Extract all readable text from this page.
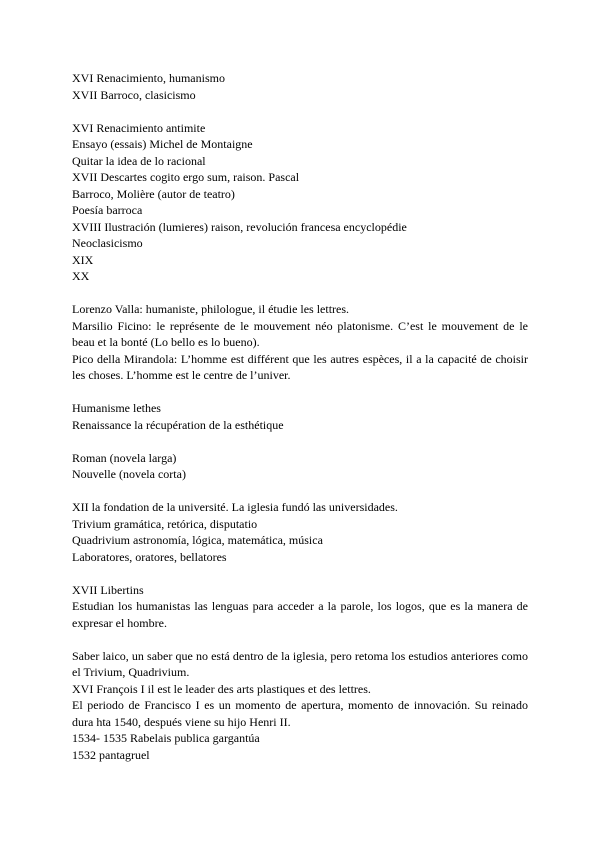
XVI Renacimiento, humanismo
XVII Barroco, clasicismo
XVI Renacimiento antimite
Ensayo (essais) Michel de Montaigne
Quitar la idea de lo racional
XVII Descartes cogito ergo sum, raison. Pascal
Barroco, Molière (autor de teatro)
Poesía barroca
XVIII Ilustración (lumieres) raison, revolución francesa encyclopédie
Neoclasicismo
XIX
XX
Lorenzo Valla: humaniste, philologue, il étudie les lettres.
Marsilio Ficino: le représente de le mouvement néo platonisme. C’est le mouvement de le beau et la bonté (Lo bello es lo bueno).
Pico della Mirandola: L’homme est différent que les autres espèces, il a la capacité de choisir les choses. L’homme est le centre de l’univer.
Humanisme lethes
Renaissance la récupération de la esthétique
Roman (novela larga)
Nouvelle (novela corta)
XII la fondation de la université. La iglesia fundó las universidades.
Trivium gramática, retórica, disputatio
Quadrivium astronomía, lógica, matemática, música
Laboratores, oratores, bellatores
XVII Libertins
Estudian los humanistas las lenguas para acceder a la parole, los logos, que es la manera de expresar el hombre.
Saber laico, un saber que no está dentro de la iglesia, pero retoma los estudios anteriores como el Trivium, Quadrivium.
XVI François I il est le leader des arts plastiques et des lettres.
El periodo de Francisco I es un momento de apertura, momento de innovación. Su reinado dura hta 1540, después viene su hijo Henri II.
1534- 1535 Rabelais publica gargantúa
1532 pantagruel
